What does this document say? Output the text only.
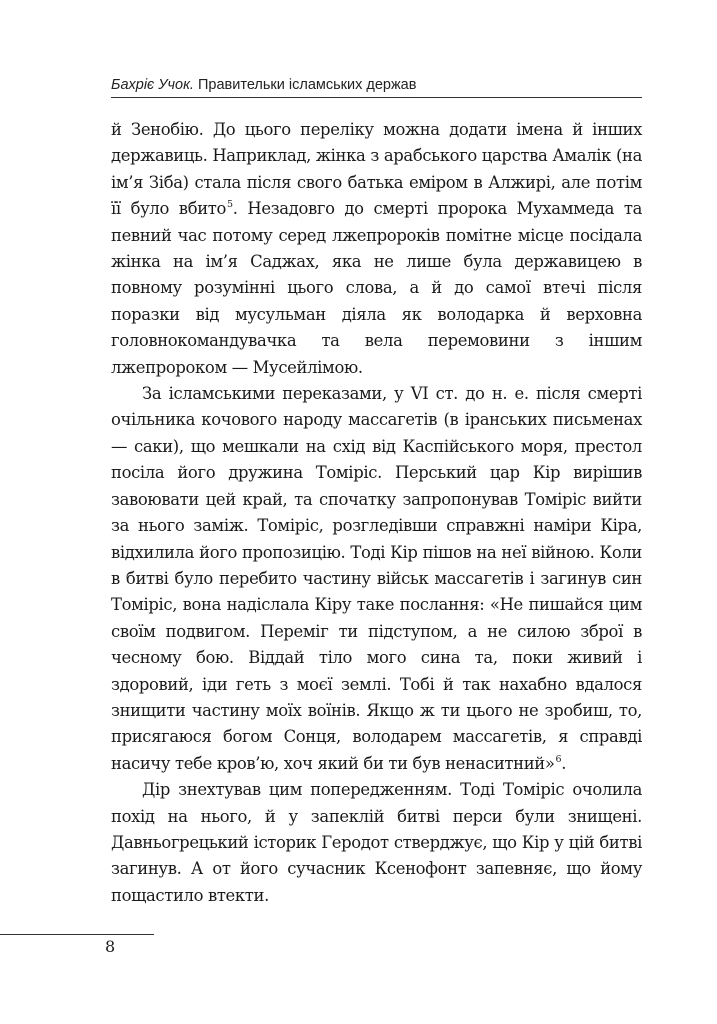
Бахріє Учок. Правительки ісламських держав

й Зенобію. До цього переліку можна додати імена й інших державиць. Наприклад, жінка з арабського царства Амалік (на ім’я Зіба) стала після свого батька еміром в Алжирі, але потім її було вбито$^5$. Незадовго до смерті пророка Мухаммеда та певний час потому серед лжепророків помітне місце посідала жінка на ім’я Саджах, яка не лише була державицею в повному розумінні цього слова, а й до самої втечі після поразки від мусульман діяла як володарка й верховна головнокомандувачка та вела перемовини з іншим лжепророком — Мусейлімою.

За ісламськими переказами, у VI ст. до н. е. після смерті очільника кочового народу массагетів (в іранських письменах — саки), що мешкали на схід від Каспійського моря, престол посіла його дружина Томіріс. Перський цар Кір вирішив завоювати цей край, та спочатку запропонував Томіріс вийти за нього заміж. Томіріс, розгледівши справжні наміри Кіра, відхилила його пропозицію. Тоді Кір пішов на неї війною. Коли в битві було перебито частину військ массагетів і загинув син Томіріс, вона надіслала Кіру таке послання: «Не пишайся цим своїм подвигом. Переміг ти підступом, а не силою зброї в чесному бою. Віддай тіло мого сина та, поки живий і здоровий, іди геть з моєї землі. Тобі й так нахабно вдалося знищити частину моїх воїнів. Якщо ж ти цього не зробиш, то, присягаюся богом Сонця, володарем массагетів, я справді насичу тебе кров’ю, хоч який би ти був ненаситний»$^6$.

Дір знехтував цим попередженням. Тоді Томіріс очолила похід на нього, й у запеклій битві перси були знищені. Давньогрецький історик Геродот стверджує, що Кір у цій битві загинув. А от його сучасник Ксенофонт запевняє, що йому пощастило втекти.

8
